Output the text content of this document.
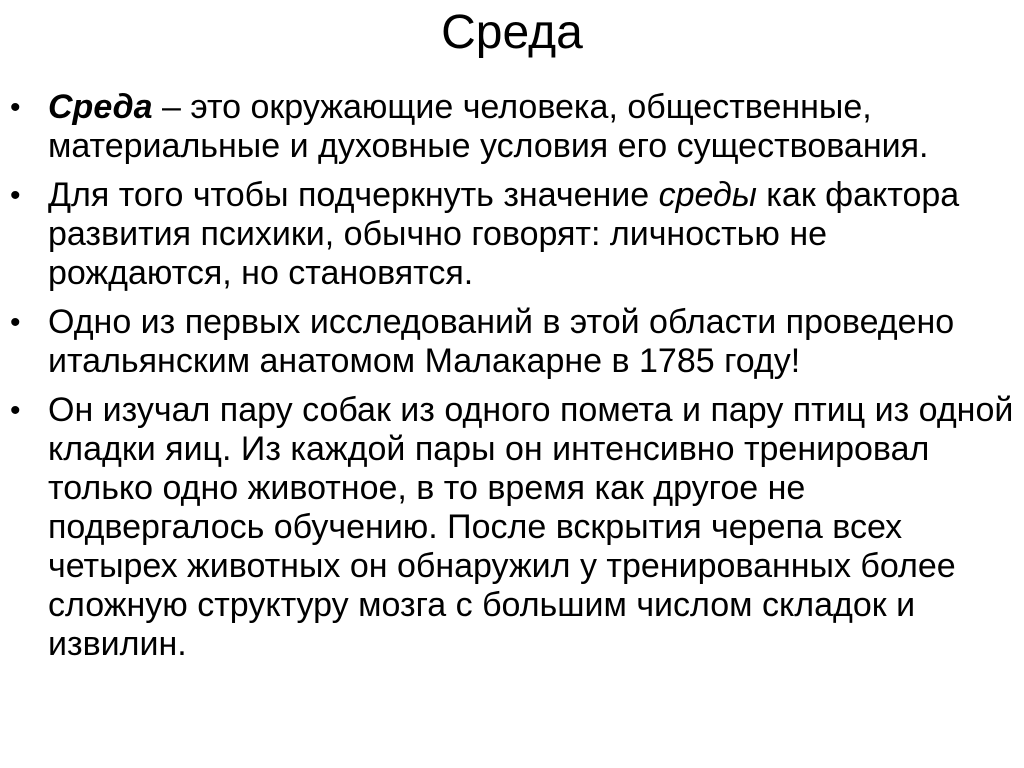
Среда
• Среда – это окружающие человека, общественные, материальные и духовные условия его существования.
• Для того чтобы подчеркнуть значение среды как фактора развития психики, обычно говорят: личностью не рождаются, но становятся.
• Одно из первых исследований в этой области проведено итальянским анатомом Малакарне в 1785 году!
• Он изучал пару собак из одного помета и пару птиц из одной кладки яиц. Из каждой пары он интенсивно тренировал только одно животное, в то время как другое не подвергалось обучению. После вскрытия черепа всех четырех животных он обнаружил у тренированных более сложную структуру мозга с большим числом складок и извилин.
